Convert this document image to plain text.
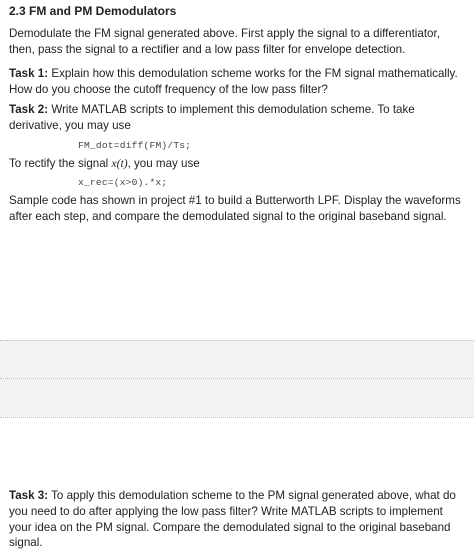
2.3 FM and PM Demodulators
Demodulate the FM signal generated above. First apply the signal to a differentiator, then, pass the signal to a rectifier and a low pass filter for envelope detection.
Task 1: Explain how this demodulation scheme works for the FM signal mathematically. How do you choose the cutoff frequency of the low pass filter?
Task 2: Write MATLAB scripts to implement this demodulation scheme. To take derivative, you may use
FM_dot=diff(FM)/Ts;
To rectify the signal x(t), you may use
x_rec=(x>0).*x;
Sample code has shown in project #1 to build a Butterworth LPF. Display the waveforms after each step, and compare the demodulated signal to the original baseband signal.
Task 3: To apply this demodulation scheme to the PM signal generated above, what do you need to do after applying the low pass filter? Write MATLAB scripts to implement your idea on the PM signal. Compare the demodulated signal to the original baseband signal.
